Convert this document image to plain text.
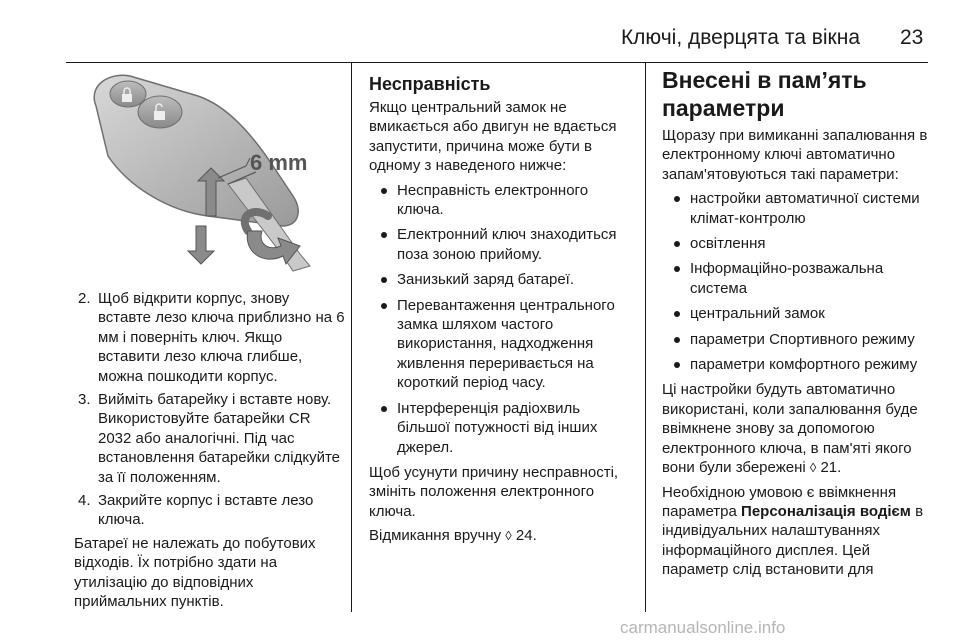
Ключі, дверцята та вікна 23
6 mm
2. Щоб відкрити корпус, знову вставте лезо ключа приблизно на 6 мм і поверніть ключ. Якщо вставити лезо ключа глибше, можна пошкодити корпус.
3. Вийміть батарейку і вставте нову. Використовуйте батарейки CR 2032 або аналогічні. Під час встановлення батарейки слідкуйте за її положенням.
4. Закрийте корпус і вставте лезо ключа.

Батареї не належать до побутових відходів. Їх потрібно здати на утилізацію до відповідних приймальних пунктів.

Несправність

Якщо центральний замок не вмикається або двигун не вдається запустити, причина може бути в одному з наведеного нижче:

Несправність електронного ключа.
Електронний ключ знаходиться поза зоною прийому.
Занизький заряд батареї.
Перевантаження центрального замка шляхом частого використання, надходження живлення переривається на короткий період часу.
Інтерференція радіохвиль більшої потужності від інших джерел.

Щоб усунути причину несправності, змініть положення електронного ключа.

Відмикання вручну ◊ 24.

Внесені в пам’ять
параметри

Щоразу при вимиканні запалювання в електронному ключі автоматично запам'ятовуються такі параметри:

настройки автоматичної системи клімат-контролю
освітлення
Інформаційно-розважальна система
центральний замок
параметри Спортивного режиму
параметри комфортного режиму

Ці настройки будуть автоматично використані, коли запалювання буде ввімкнене знову за допомогою електронного ключа, в пам'яті якого вони були збережені ◊ 21.

Необхідною умовою є ввімкнення параметра Персоналізація водієм в індивідуальних налаштуваннях інформаційного дисплея. Цей параметр слід встановити для

carmanualsonline.info
